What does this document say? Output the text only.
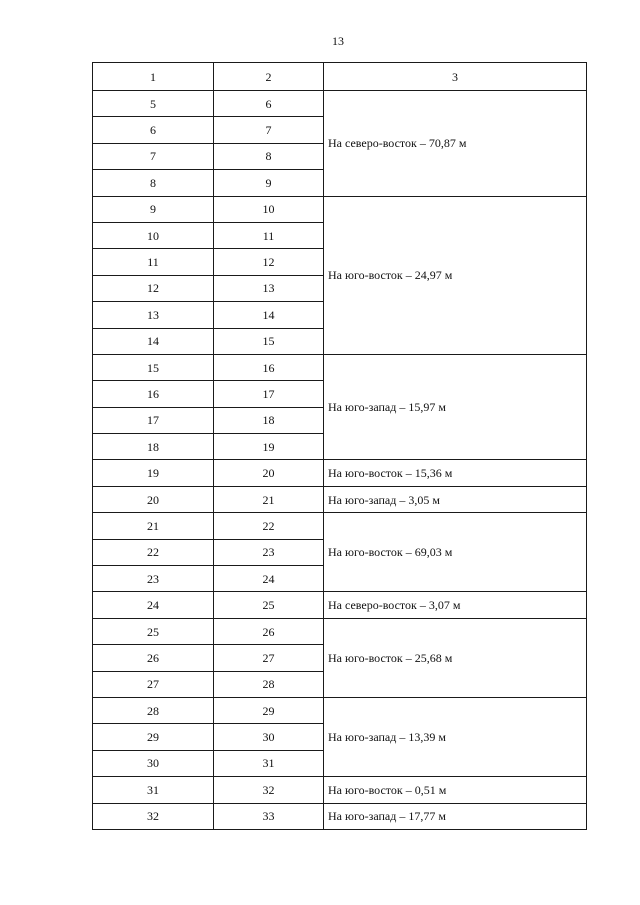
13
1	2	3
5	6	На северо-восток – 70,87 м
6	7	
7	8	
8	9	
9	10	На юго-восток – 24,97 м
10	11	
11	12	
12	13	
13	14	
14	15	
15	16	На юго-запад – 15,97 м
16	17	
17	18	
18	19	
19	20	На юго-восток – 15,36 м
20	21	На юго-запад – 3,05 м
21	22	На юго-восток – 69,03 м
22	23	
23	24	
24	25	На северо-восток – 3,07 м
25	26	На юго-восток – 25,68 м
26	27	
27	28	
28	29	На юго-запад – 13,39 м
29	30	
30	31	
31	32	На юго-восток – 0,51 м
32	33	На юго-запад – 17,77 м
